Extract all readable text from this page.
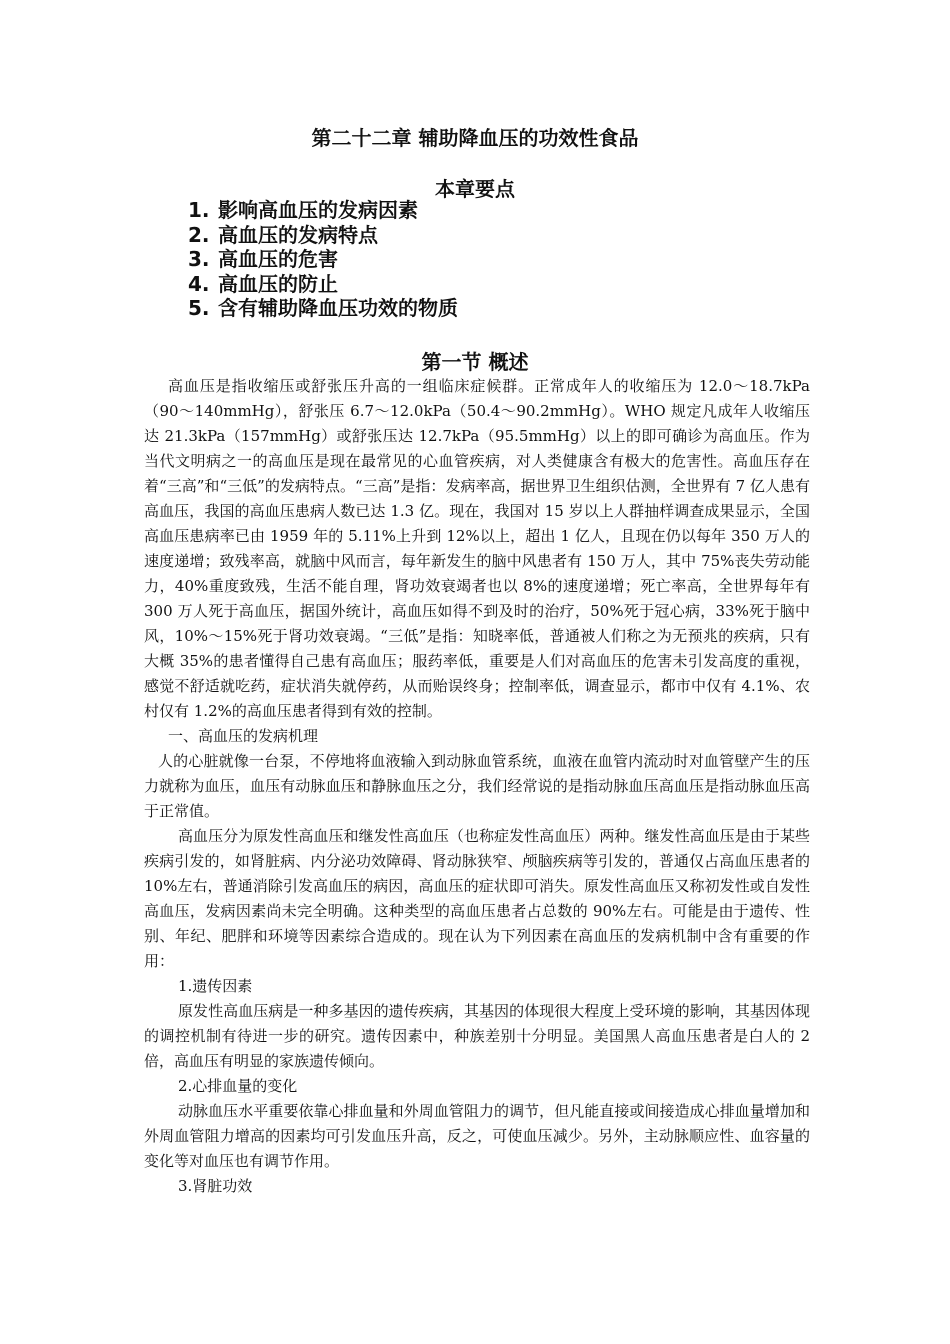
第二十二章 辅助降血压的功效性食品
本章要点
1. 影响高血压的发病因素
2. 高血压的发病特点
3. 高血压的危害
4. 高血压的防止
5. 含有辅助降血压功效的物质
第一节 概述

高血压是指收缩压或舒张压升高的一组临床症候群。正常成年人的收缩压为 12.0～18.7kPa（90～140mmHg），舒张压 6.7～12.0kPa（50.4～90.2mmHg）。WHO 规定凡成年人收缩压达 21.3kPa（157mmHg）或舒张压达 12.7kPa（95.5mmHg）以上的即可确诊为高血压。作为当代文明病之一的高血压是现在最常见的心血管疾病，对人类健康含有极大的危害性。高血压存在着“三高”和“三低”的发病特点。“三高”是指：发病率高，据世界卫生组织估测，全世界有 7 亿人患有高血压，我国的高血压患病人数已达 1.3 亿。现在，我国对 15 岁以上人群抽样调查成果显示，全国高血压患病率已由 1959 年的 5.11%上升到 12%以上，超出 1 亿人，且现在仍以每年 350 万人的速度递增；致残率高，就脑中风而言，每年新发生的脑中风患者有 150 万人，其中 75%丧失劳动能力，40%重度致残，生活不能自理，肾功效衰竭者也以 8%的速度递增；死亡率高，全世界每年有 300 万人死于高血压，据国外统计，高血压如得不到及时的治疗，50%死于冠心病，33%死于脑中风，10%～15%死于肾功效衰竭。“三低”是指：知晓率低，普通被人们称之为无预兆的疾病，只有大概 35%的患者懂得自己患有高血压；服药率低，重要是人们对高血压的危害未引发高度的重视，感觉不舒适就吃药，症状消失就停药，从而贻误终身；控制率低，调查显示，都市中仅有 4.1%、农村仅有 1.2%的高血压患者得到有效的控制。

一、高血压的发病机理

人的心脏就像一台泵，不停地将血液输入到动脉血管系统，血液在血管内流动时对血管壁产生的压力就称为血压，血压有动脉血压和静脉血压之分，我们经常说的是指动脉血压高血压是指动脉血压高于正常值。

高血压分为原发性高血压和继发性高血压（也称症发性高血压）两种。继发性高血压是由于某些疾病引发的，如肾脏病、内分泌功效障碍、肾动脉狭窄、颅脑疾病等引发的，普通仅占高血压患者的 10%左右，普通消除引发高血压的病因，高血压的症状即可消失。原发性高血压又称初发性或自发性高血压，发病因素尚未完全明确。这种类型的高血压患者占总数的 90%左右。可能是由于遗传、性别、年纪、肥胖和环境等因素综合造成的。现在认为下列因素在高血压的发病机制中含有重要的作用：

1.遗传因素

原发性高血压病是一种多基因的遗传疾病，其基因的体现很大程度上受环境的影响，其基因体现的调控机制有待进一步的研究。遗传因素中，种族差别十分明显。美国黑人高血压患者是白人的 2 倍，高血压有明显的家族遗传倾向。

2.心排血量的变化

动脉血压水平重要依靠心排血量和外周血管阻力的调节，但凡能直接或间接造成心排血量增加和外周血管阻力增高的因素均可引发血压升高，反之，可使血压减少。另外，主动脉顺应性、血容量的变化等对血压也有调节作用。

3.肾脏功效
